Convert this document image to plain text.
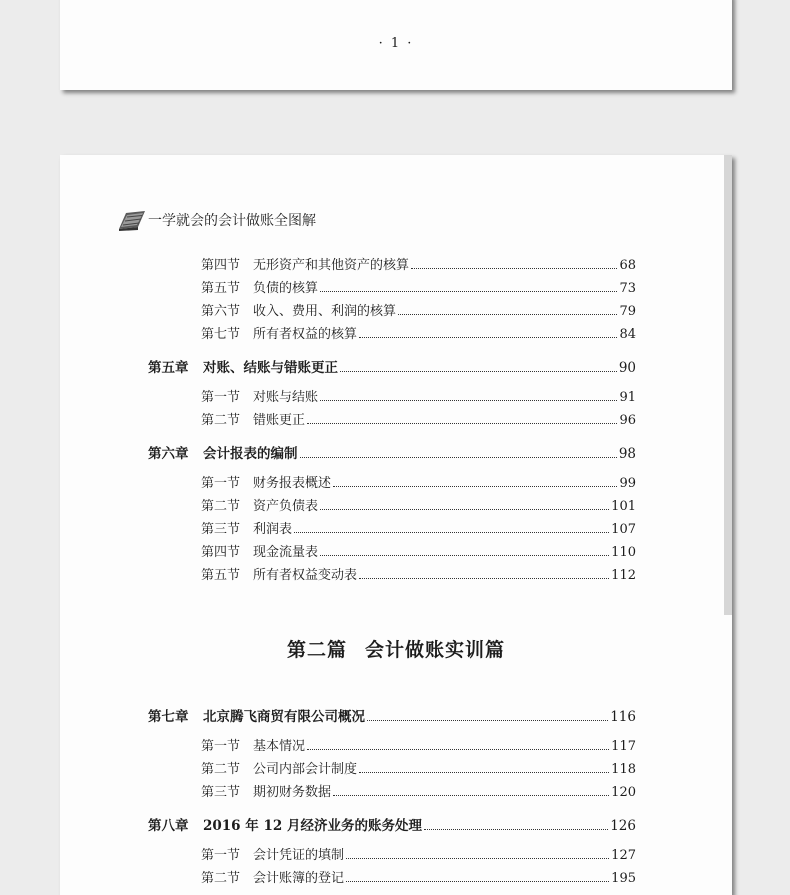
· 1 ·
一学就会的会计做账全图解
第四节 无形资产和其他资产的核算	68
第五节 负债的核算	73
第六节 收入、费用、利润的核算	79
第七节 所有者权益的核算	84
第五章	对账、结账与错账更正	90
第一节 对账与结账	91
第二节 错账更正	96
第六章	会计报表的编制	98
第一节 财务报表概述	99
第二节 资产负债表	101
第三节 利润表	107
第四节 现金流量表	110
第五节 所有者权益变动表	112
第二篇 会计做账实训篇
第七章	北京腾飞商贸有限公司概况	116
第一节 基本情况	117
第二节 公司内部会计制度	118
第三节 期初财务数据	120
第八章	2016 年 12 月经济业务的账务处理	126
第一节 会计凭证的填制	127
第二节 会计账簿的登记	195
